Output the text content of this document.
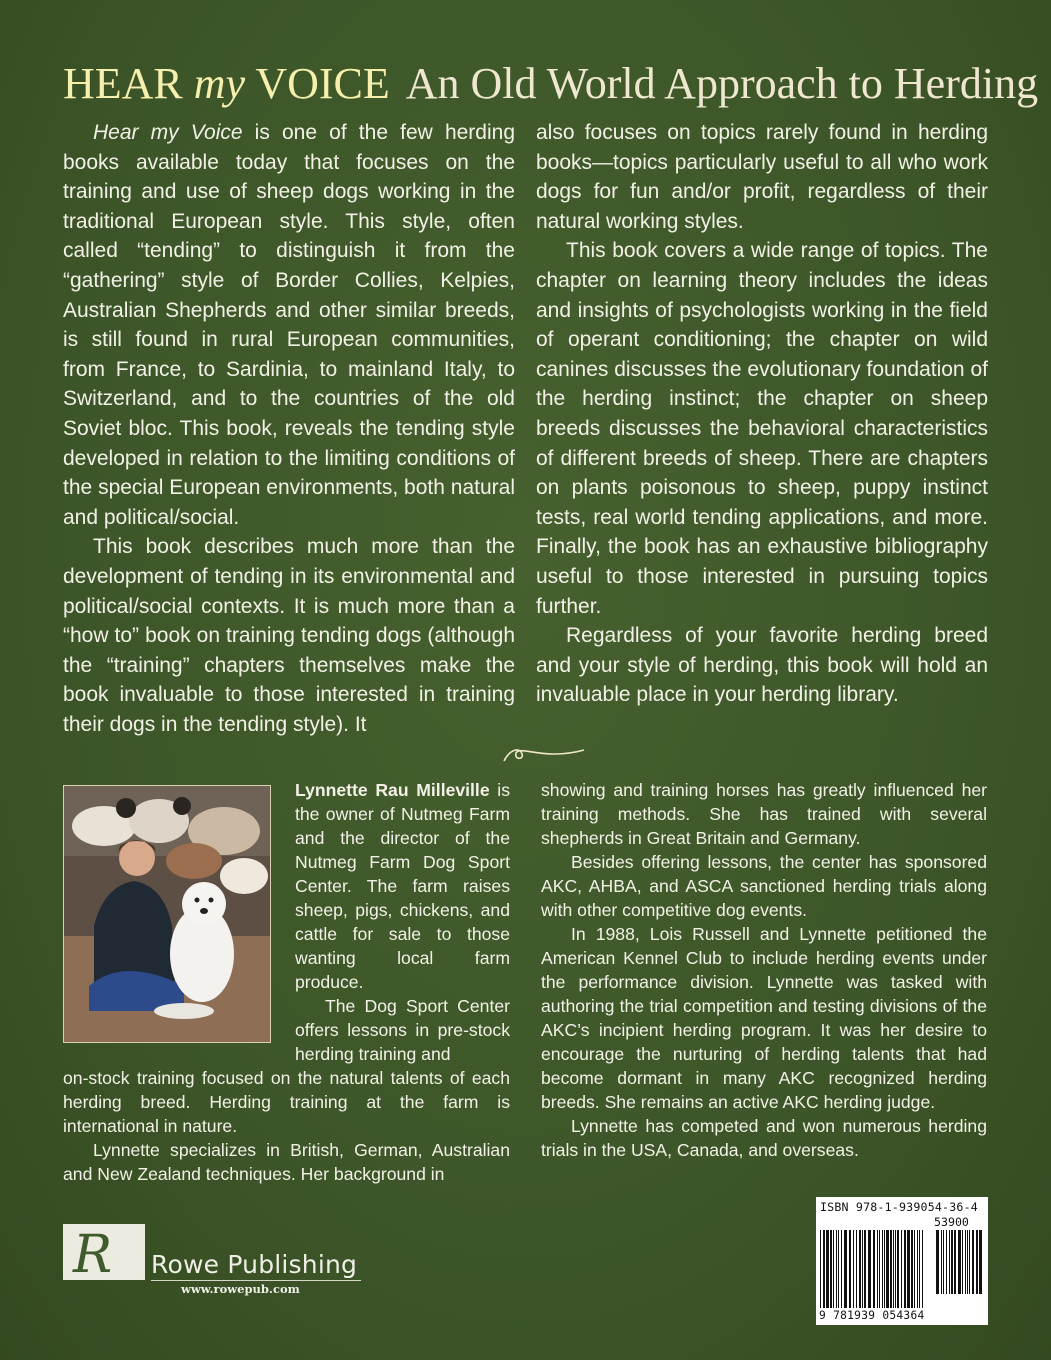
HEAR my VOICE An Old World Approach to Herding

Hear my Voice is one of the few herding books available today that focuses on the training and use of sheep dogs working in the traditional European style. This style, often called “tending” to distinguish it from the “gathering” style of Border Collies, Kelpies, Australian Shepherds and other similar breeds, is still found in rural European communities, from France, to Sardinia, to mainland Italy, to Switzerland, and to the countries of the old Soviet bloc. This book, reveals the tending style developed in relation to the limiting conditions of the special European environments, both natural and political/social.

This book describes much more than the development of tending in its environmental and political/social contexts. It is much more than a “how to” book on training tending dogs (although the “training” chapters themselves make the book invaluable to those interested in training their dogs in the tending style). It

also focuses on topics rarely found in herding books—topics particularly useful to all who work dogs for fun and/or profit, regardless of their natural working styles.

This book covers a wide range of topics. The chapter on learning theory includes the ideas and insights of psychologists working in the field of operant conditioning; the chapter on wild canines discusses the evolutionary foundation of the herding instinct; the chapter on sheep breeds discusses the behavioral characteristics of different breeds of sheep. There are chapters on plants poisonous to sheep, puppy instinct tests, real world tending applications, and more. Finally, the book has an exhaustive bibliography useful to those interested in pursuing topics further.

Regardless of your favorite herding breed and your style of herding, this book will hold an invaluable place in your herding library.

Lynnette Rau Milleville is the owner of Nutmeg Farm and the director of the Nutmeg Farm Dog Sport Center. The farm raises sheep, pigs, chickens, and cattle for sale to those wanting local farm produce.

The Dog Sport Center offers lessons in pre-stock herding training and

on-stock training focused on the natural talents of each herding breed. Herding training at the farm is international in nature.

Lynnette specializes in British, German, Australian and New Zealand techniques. Her background in

showing and training horses has greatly influenced her training methods. She has trained with several shepherds in Great Britain and Germany.

Besides offering lessons, the center has sponsored AKC, AHBA, and ASCA sanctioned herding trials along with other competitive dog events.

In 1988, Lois Russell and Lynnette petitioned the American Kennel Club to include herding events under the performance division. Lynnette was tasked with authoring the trial competition and testing divisions of the AKC’s incipient herding program. It was her desire to encourage the nurturing of herding talents that had become dormant in many AKC recognized herding breeds. She remains an active AKC herding judge.

Lynnette has competed and won numerous herding trials in the USA, Canada, and overseas.

R Rowe Publishing
www.rowepub.com
ISBN 978-1-939054-36-4
53900
9 781939 054364
